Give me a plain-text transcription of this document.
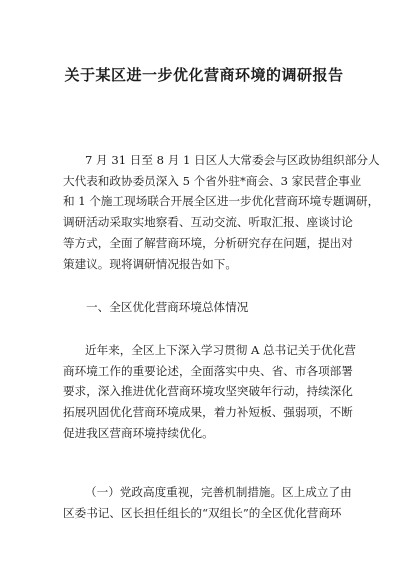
关于某区进一步优化营商环境的调研报告
7 月 31 日至 8 月 1 日区人大常委会与区政协组织部分人
大代表和政协委员深入 5 个省外驻*商会、3 家民营企事业
和 1 个施工现场联合开展全区进一步优化营商环境专题调研，
调研活动采取实地察看、互动交流、听取汇报、座谈讨论
等方式，全面了解营商环境，分析研究存在问题，提出对
策建议。现将调研情况报告如下。
一、全区优化营商环境总体情况
近年来，全区上下深入学习贯彻 A 总书记关于优化营
商环境工作的重要论述，全面落实中央、省、市各项部署
要求，深入推进优化营商环境攻坚突破年行动，持续深化
拓展巩固优化营商环境成果，着力补短板、强弱项，不断
促进我区营商环境持续优化。
（一）党政高度重视，完善机制措施。区上成立了由
区委书记、区长担任组长的“双组长”的全区优化营商环
